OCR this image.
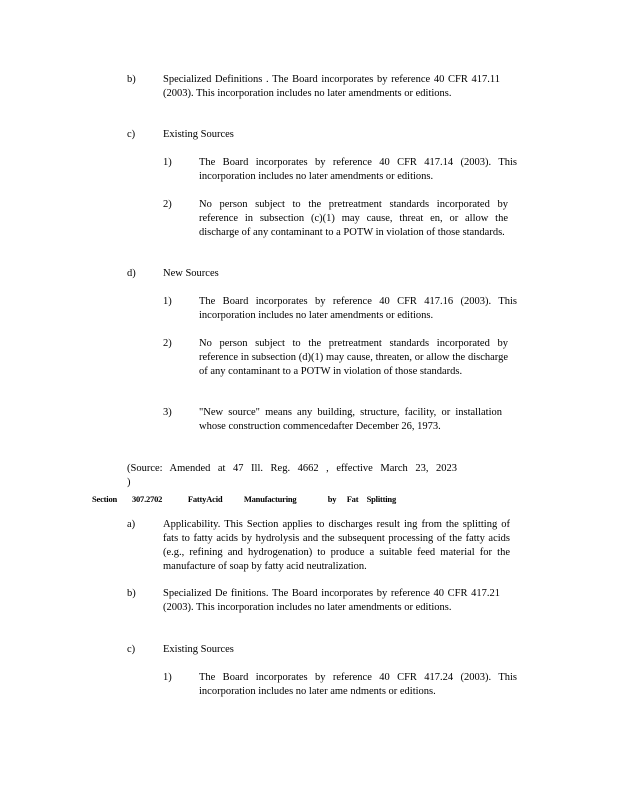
b)	Specialized Definitions . The Board incorporates by reference 40 CFR 417.11 (2003). This incorporation includes no later amendments or editions.
c)	Existing Sources
1)	The Board incorporates by reference 40 CFR 417.14 (2003). This incorporation includes no later amendments or editions.
2)	No person subject to the pretreatment standards incorporated by reference in subsection (c)(1) may cause, threat en, or allow the discharge of any contaminant to a POTW in violation of those standards.
d)	New Sources
1)	The Board incorporates by reference 40 CFR 417.16 (2003). This incorporation includes no later amendments or editions.
2)	No person subject to the pretreatment standards incorporated by reference in subsection (d)(1) may cause, threaten, or allow the discharge of any contaminant to a POTW in violation of those standards.
3)	"New source" means any building, structure, facility, or installation whose construction commencedafter December 26, 1973.
(Source: Amended at 47 Ill. Reg. 4662 , effective March 23, 2023 )
Section 307.2702	FattyAcid	Manufacturing	by Fat Splitting
a)	Applicability. This Section applies to discharges result ing from the splitting of fats to fatty acids by hydrolysis and the subsequent processing of the fatty acids (e.g., refining and hydrogenation) to produce a suitable feed material for the manufacture of soap by fatty acid neutralization.
b)	Specialized De finitions. The Board incorporates by reference 40 CFR 417.21 (2003). This incorporation includes no later amendments or editions.
c)	Existing Sources
1)	The Board incorporates by reference 40 CFR 417.24 (2003). This incorporation includes no later ame ndments or editions.
